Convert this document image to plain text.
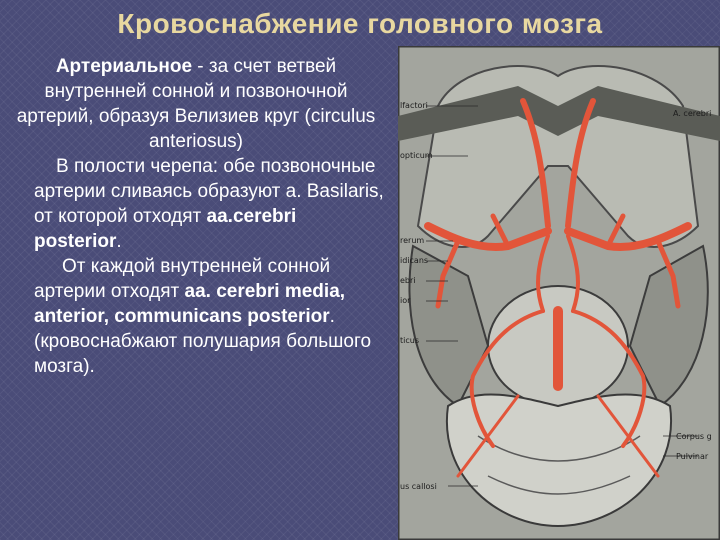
Кровоснабжение головного мозга

Артериальное - за счет ветвей внутренней сонной и позвоночной артерий, образуя Велизиев круг (circulus anteriosus)

В полости черепа: обе позвоночные артерии сливаясь образуют a. Basilaris, от которой отходят aa.cerebri posterior.

От каждой внутренней сонной артерии отходят aa. cerebri media, anterior, communicans posterior. (кровоснабжают полушария большого мозга).

lfactori
A. cerebri
opticum
rerum
idicans
ebri
ior
ticus
Corpus g
Pulvinar
us callosi
